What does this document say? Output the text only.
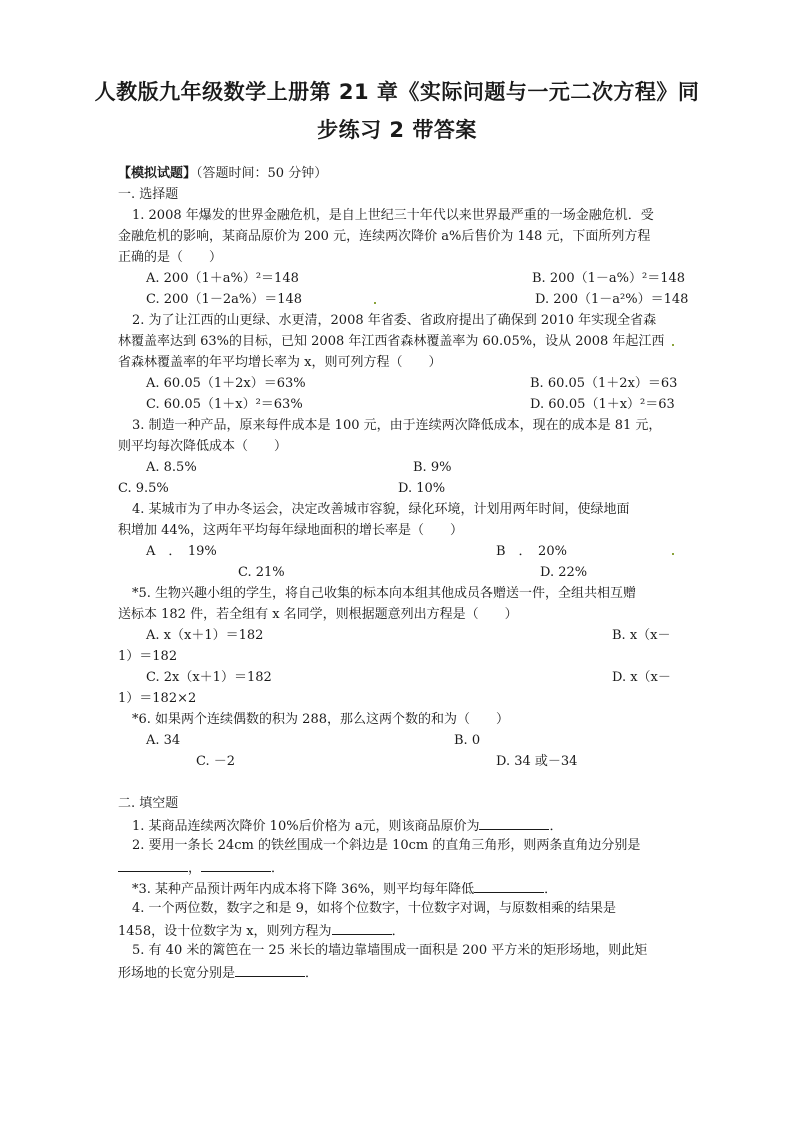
人教版九年级数学上册第 21 章《实际问题与一元二次方程》同
步练习 2 带答案
【模拟试题】（答题时间：50 分钟）
一. 选择题
1. 2008 年爆发的世界金融危机，是自上世纪三十年代以来世界最严重的一场金融危机．受
金融危机的影响，某商品原价为 200 元，连续两次降价 a%后售价为 148 元，下面所列方程
正确的是（　　）
A. 200（1＋a%）²＝148	B. 200（1－a%）²＝148
C. 200（1－2a%）＝148	D. 200（1－a²%）＝148
2. 为了让江西的山更绿、水更清，2008 年省委、省政府提出了确保到 2010 年实现全省森
林覆盖率达到 63%的目标，已知 2008 年江西省森林覆盖率为 60.05%，设从 2008 年起江西
省森林覆盖率的年平均增长率为 x，则可列方程（　　）
A. 60.05（1＋2x）＝63%	B. 60.05（1＋2x）＝63
C. 60.05（1＋x）²＝63%	D. 60.05（1＋x）²＝63
3. 制造一种产品，原来每件成本是 100 元，由于连续两次降低成本，现在的成本是 81 元，
则平均每次降低成本（　　）
A. 8.5%	B. 9%
C. 9.5%	D. 10%
4. 某城市为了申办冬运会，决定改善城市容貌，绿化环境，计划用两年时间，使绿地面
积增加 44%，这两年平均每年绿地面积的增长率是（　　）
A　．　19%	B　．　20%
C. 21%	D. 22%
*5. 生物兴趣小组的学生，将自己收集的标本向本组其他成员各赠送一件，全组共相互赠
送标本 182 件，若全组有 x 名同学，则根据题意列出方程是（　　）
A. x（x＋1）＝182	B. x（x－
1）＝182
C. 2x（x＋1）＝182	D. x（x－
1）＝182×2
*6. 如果两个连续偶数的积为 288，那么这两个数的和为（　　）
A. 34	B. 0
C. －2	D. 34 或－34
二. 填空题
1. 某商品连续两次降价 10%后价格为 a元，则该商品原价为	．
2. 要用一条长 24cm 的铁丝围成一个斜边是 10cm 的直角三角形，则两条直角边分别是
，	．
*3. 某种产品预计两年内成本将下降 36%，则平均每年降低	．
4. 一个两位数，数字之和是 9，如将个位数字，十位数字对调，与原数相乘的结果是
1458，设十位数字为 x，则列方程为	．
5. 有 40 米的篱笆在一 25 米长的墙边靠墙围成一面积是 200 平方米的矩形场地，则此矩
形场地的长宽分别是	．
